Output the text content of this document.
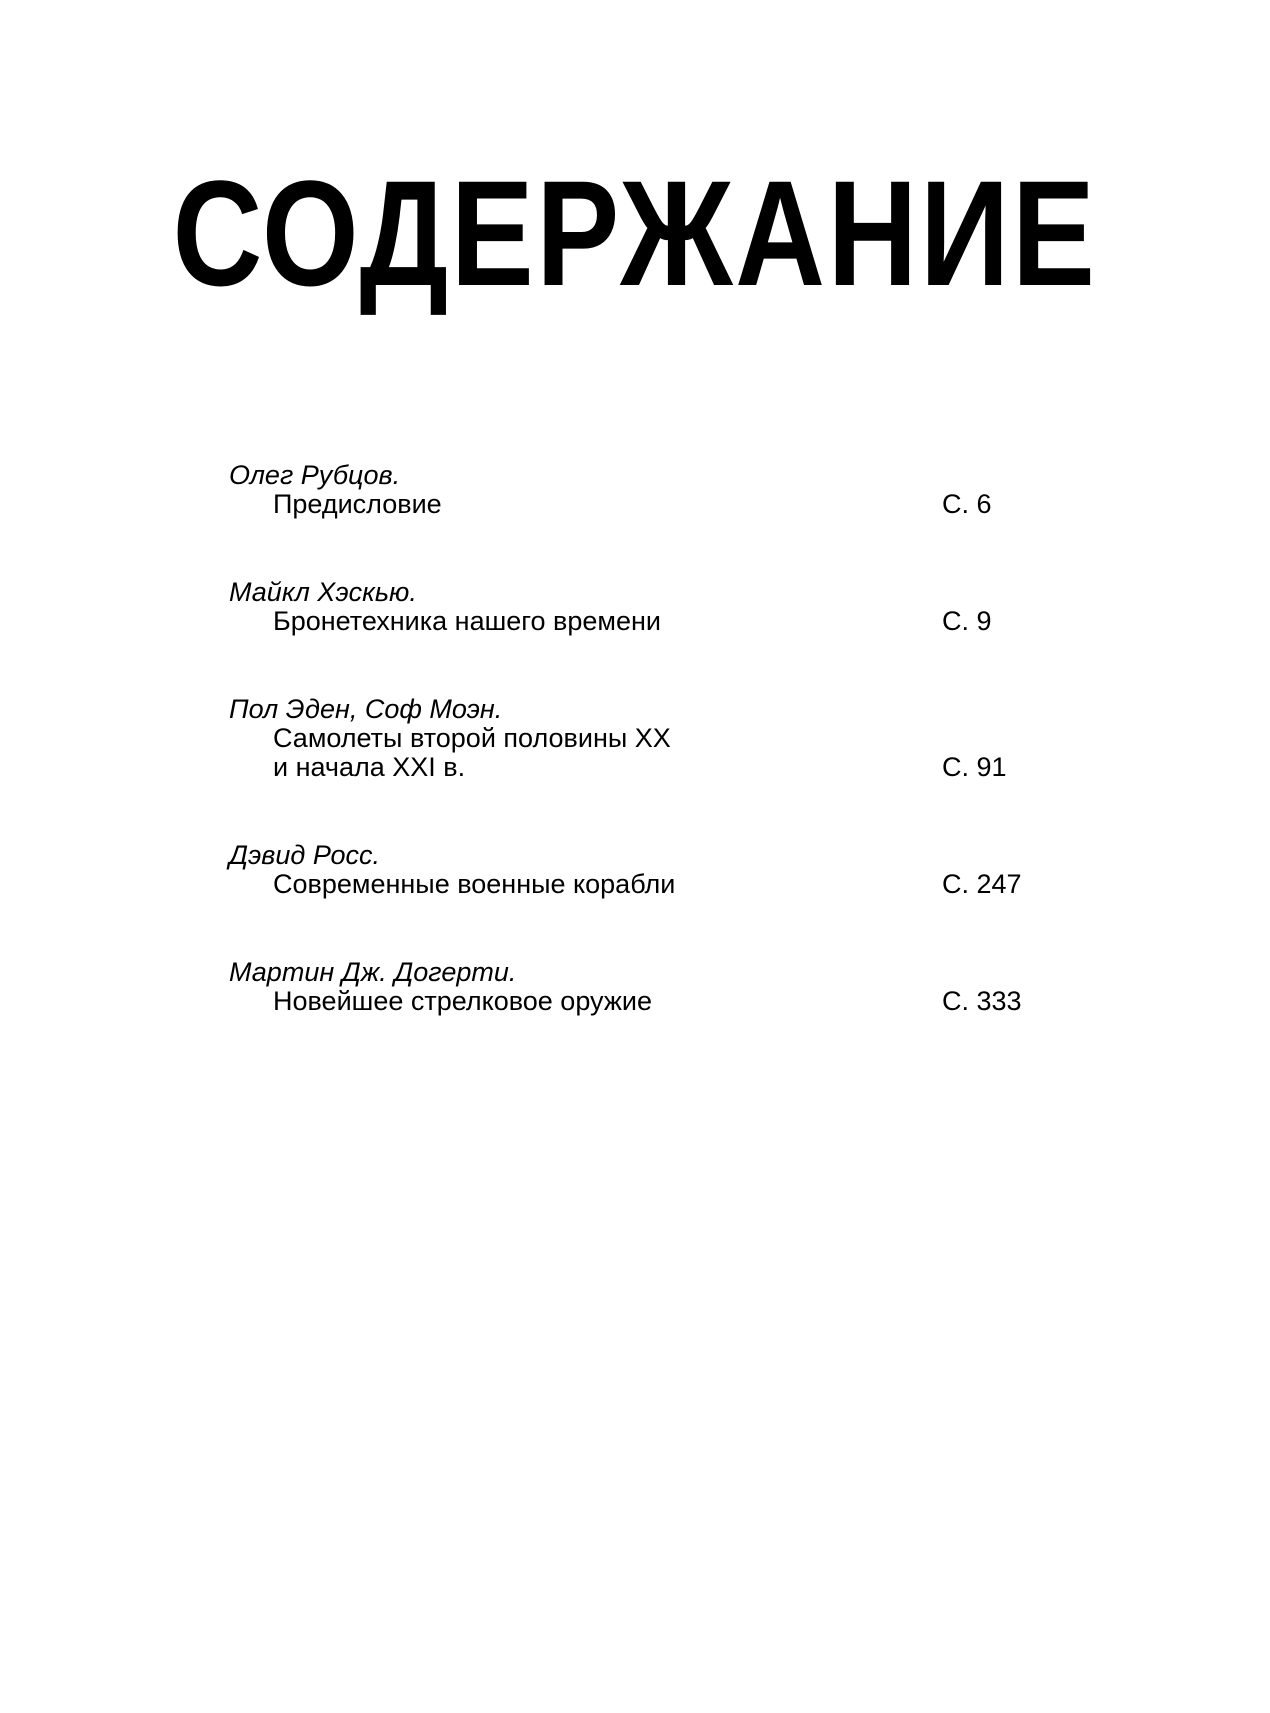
СОДЕРЖАНИЕ
Олег Рубцов.
Предисловие	С. 6
Майкл Хэскью.
Бронетехника нашего времени	С. 9
Пол Эден, Соф Моэн.
Самолеты второй половины XX
и начала XXI в.	С. 91
Дэвид Росс.
Современные военные корабли	С. 247
Мартин Дж. Догерти.
Новейшее стрелковое оружие	С. 333
